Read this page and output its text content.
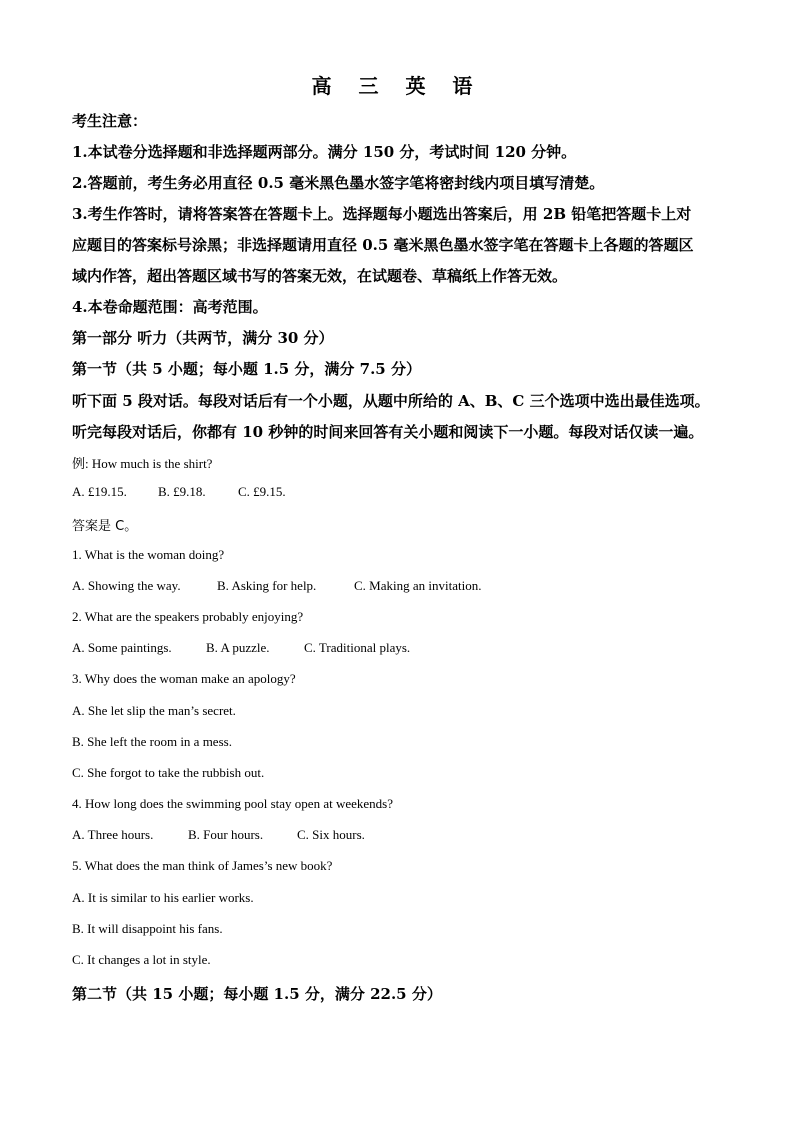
高 三 英 语
考生注意：
1.本试卷分选择题和非选择题两部分。满分 150 分，考试时间 120 分钟。
2.答题前，考生务必用直径 0.5 毫米黑色墨水签字笔将密封线内项目填写清楚。
3.考生作答时，请将答案答在答题卡上。选择题每小题选出答案后，用 2B 铅笔把答题卡上对
应题目的答案标号涂黑；非选择题请用直径 0.5 毫米黑色墨水签字笔在答题卡上各题的答题区
域内作答，超出答题区域书写的答案无效，在试题卷、草稿纸上作答无效。
4.本卷命题范围：高考范围。
第一部分 听力（共两节，满分 30 分）
第一节（共 5 小题；每小题 1.5 分，满分 7.5 分）
听下面 5 段对话。每段对话后有一个小题，从题中所给的 A、B、C 三个选项中选出最佳选项。
听完每段对话后，你都有 10 秒钟的时间来回答有关小题和阅读下一小题。每段对话仅读一遍。
例: How much is the shirt?
A. £19.15. B. £9.18. C. £9.15.
答案是 C。
1. What is the woman doing?
A. Showing the way.	B. Asking for help.	C. Making an invitation.
2. What are the speakers probably enjoying?
A. Some paintings.	B. A puzzle.	C. Traditional plays.
3. Why does the woman make an apology?
A. She let slip the man’s secret.
B. She left the room in a mess.
C. She forgot to take the rubbish out.
4. How long does the swimming pool stay open at weekends?
A. Three hours.	B. Four hours.	C. Six hours.
5. What does the man think of James’s new book?
A. It is similar to his earlier works.
B. It will disappoint his fans.
C. It changes a lot in style.
第二节（共 15 小题；每小题 1.5 分，满分 22.5 分）
